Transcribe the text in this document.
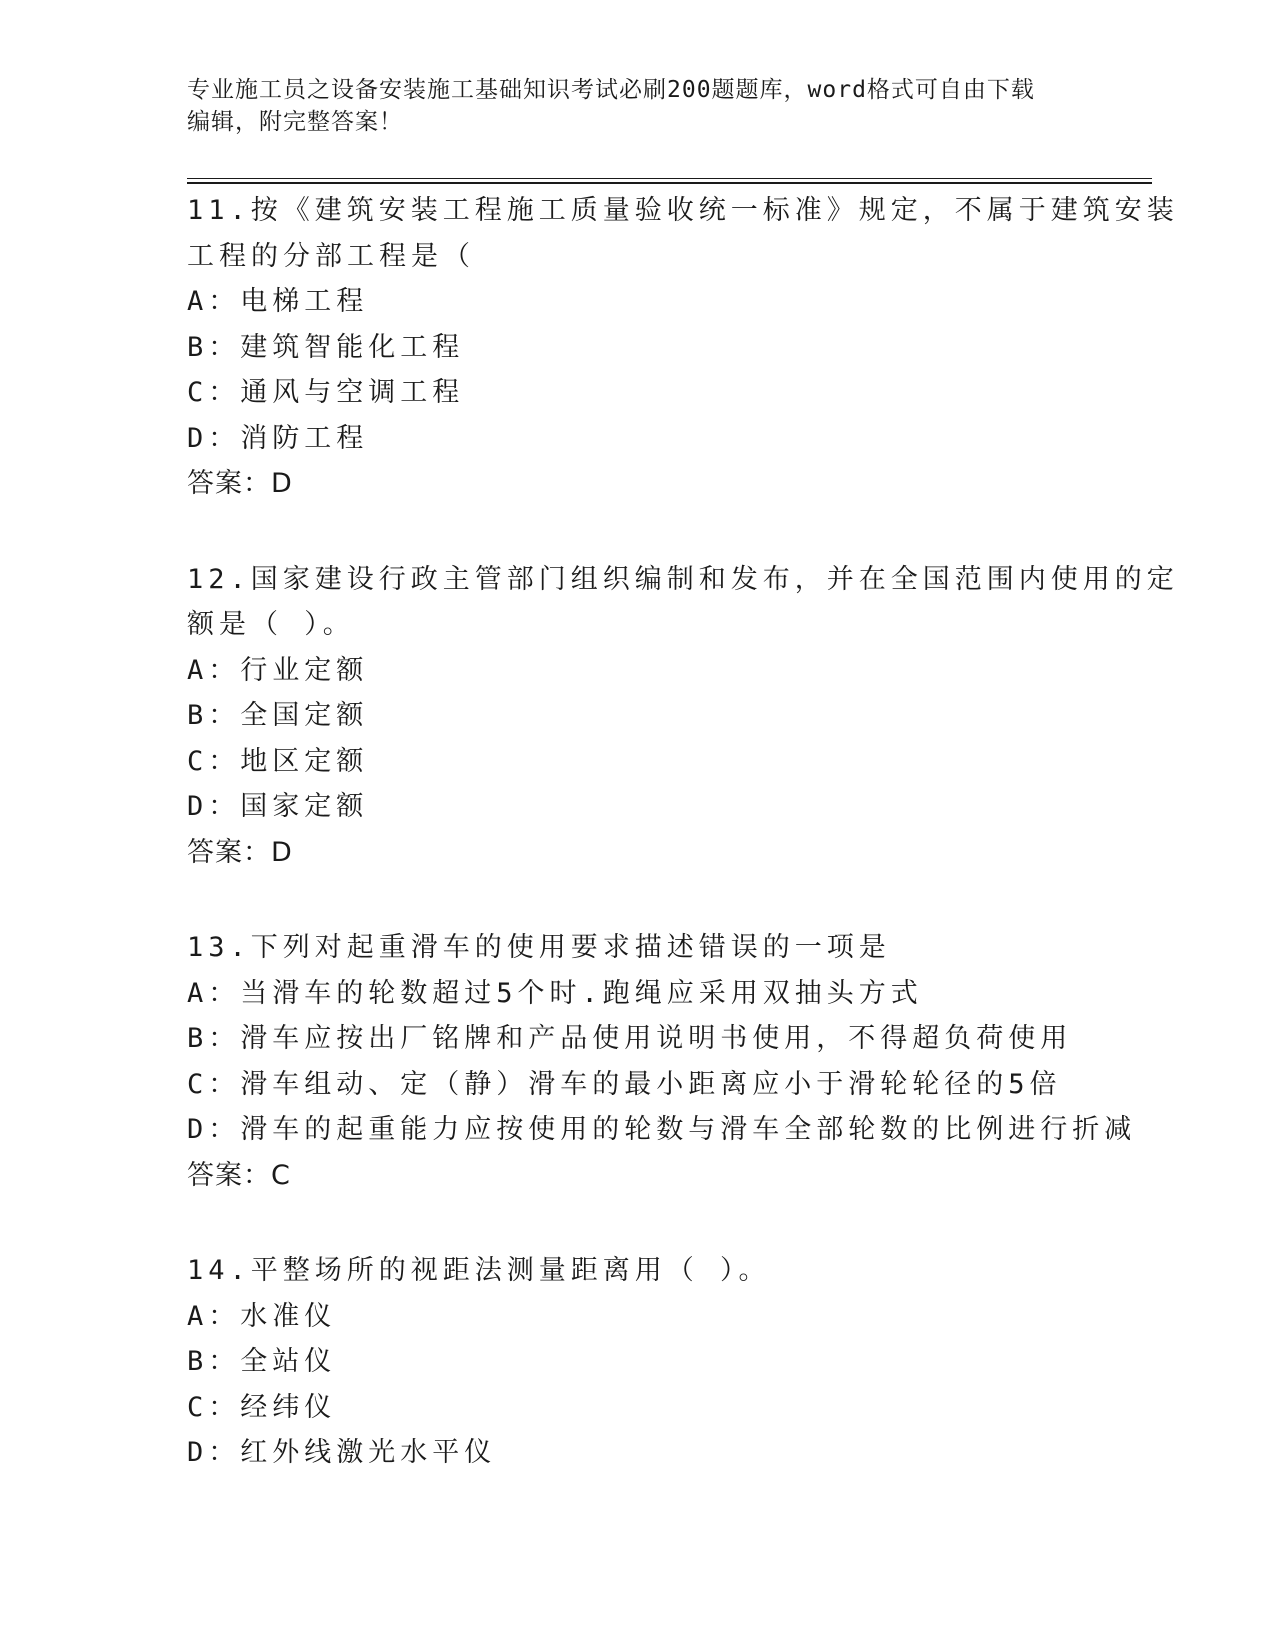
专业施工员之设备安装施工基础知识考试必刷200题题库，word格式可自由下载
编辑，附完整答案！
11.按《建筑安装工程施工质量验收统一标准》规定，不属于建筑安装
工程的分部工程是（
A：电梯工程
B：建筑智能化工程
C：通风与空调工程
D：消防工程
答案：D
12.国家建设行政主管部门组织编制和发布，并在全国范围内使用的定
额是（ ）。
A：行业定额
B：全国定额
C：地区定额
D：国家定额
答案：D
13.下列对起重滑车的使用要求描述错误的一项是
A：当滑车的轮数超过5个时.跑绳应采用双抽头方式
B：滑车应按出厂铭牌和产品使用说明书使用，不得超负荷使用
C：滑车组动、定（静）滑车的最小距离应小于滑轮轮径的5倍
D：滑车的起重能力应按使用的轮数与滑车全部轮数的比例进行折减
答案：C
14.平整场所的视距法测量距离用（ ）。
A：水准仪
B：全站仪
C：经纬仪
D：红外线激光水平仪
